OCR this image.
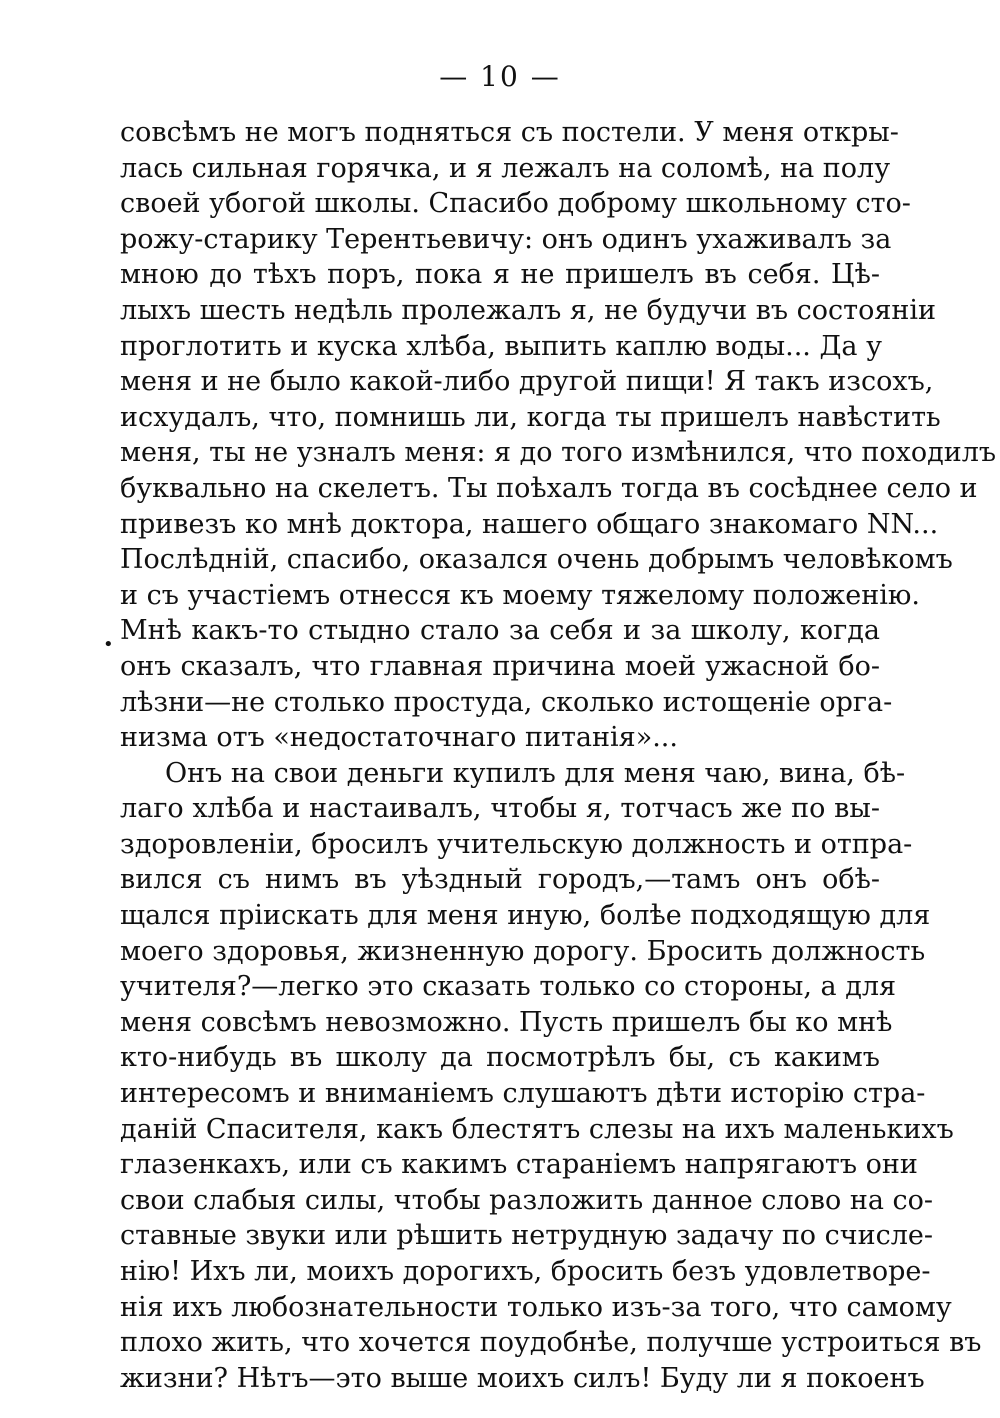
— 10 —
•
совсѣмъ не могъ подняться съ постели. У меня откры-
лась сильная горячка, и я лежалъ на соломѣ, на полу
своей убогой школы. Спасибо доброму школьному сто-
рожу-старику Терентьевичу: онъ одинъ ухаживалъ за
мною до тѣхъ поръ, пока я не пришелъ въ себя. Цѣ-
лыхъ шесть недѣль пролежалъ я, не будучи въ состояніи
проглотить и куска хлѣба, выпить каплю воды... Да у
меня и не было какой-либо другой пищи! Я такъ изсохъ,
исхудалъ, что, помнишь ли, когда ты пришелъ навѣстить
меня, ты не узналъ меня: я до того измѣнился, что походилъ
буквально на скелетъ. Ты поѣхалъ тогда въ сосѣднее село и
привезъ ко мнѣ доктора, нашего общаго знакомаго NN...
Послѣдній, спасибо, оказался очень добрымъ человѣкомъ
и съ участіемъ отнесся къ моему тяжелому положенію.
Мнѣ какъ-то стыдно стало за себя и за школу, когда
онъ сказалъ, что главная причина моей ужасной бо-
лѣзни—не столько простуда, сколько истощеніе орга-
низма отъ «недостаточнаго питанія»...
Онъ на свои деньги купилъ для меня чаю, вина, бѣ-
лаго хлѣба и настаивалъ, чтобы я, тотчасъ же по вы-
здоровленіи, бросилъ учительскую должность и отпра-
вился съ нимъ въ уѣздный городъ,—тамъ онъ обѣ-
щался пріискать для меня иную, болѣе подходящую для
моего здоровья, жизненную дорогу. Бросить должность
учителя?—легко это сказать только со стороны, а для
меня совсѣмъ невозможно. Пусть пришелъ бы ко мнѣ
кто-нибудь въ школу да посмотрѣлъ бы, съ какимъ
интересомъ и вниманіемъ слушаютъ дѣти исторію стра-
даній Спасителя, какъ блестятъ слезы на ихъ маленькихъ
глазенкахъ, или съ какимъ стараніемъ напрягаютъ они
свои слабыя силы, чтобы разложить данное слово на со-
ставные звуки или рѣшить нетрудную задачу по счисле-
нію! Ихъ ли, моихъ дорогихъ, бросить безъ удовлетворе-
нія ихъ любознательности только изъ-за того, что самому
плохо жить, что хочется поудобнѣе, получше устроиться въ
жизни? Нѣтъ—это выше моихъ силъ! Буду ли я покоенъ
